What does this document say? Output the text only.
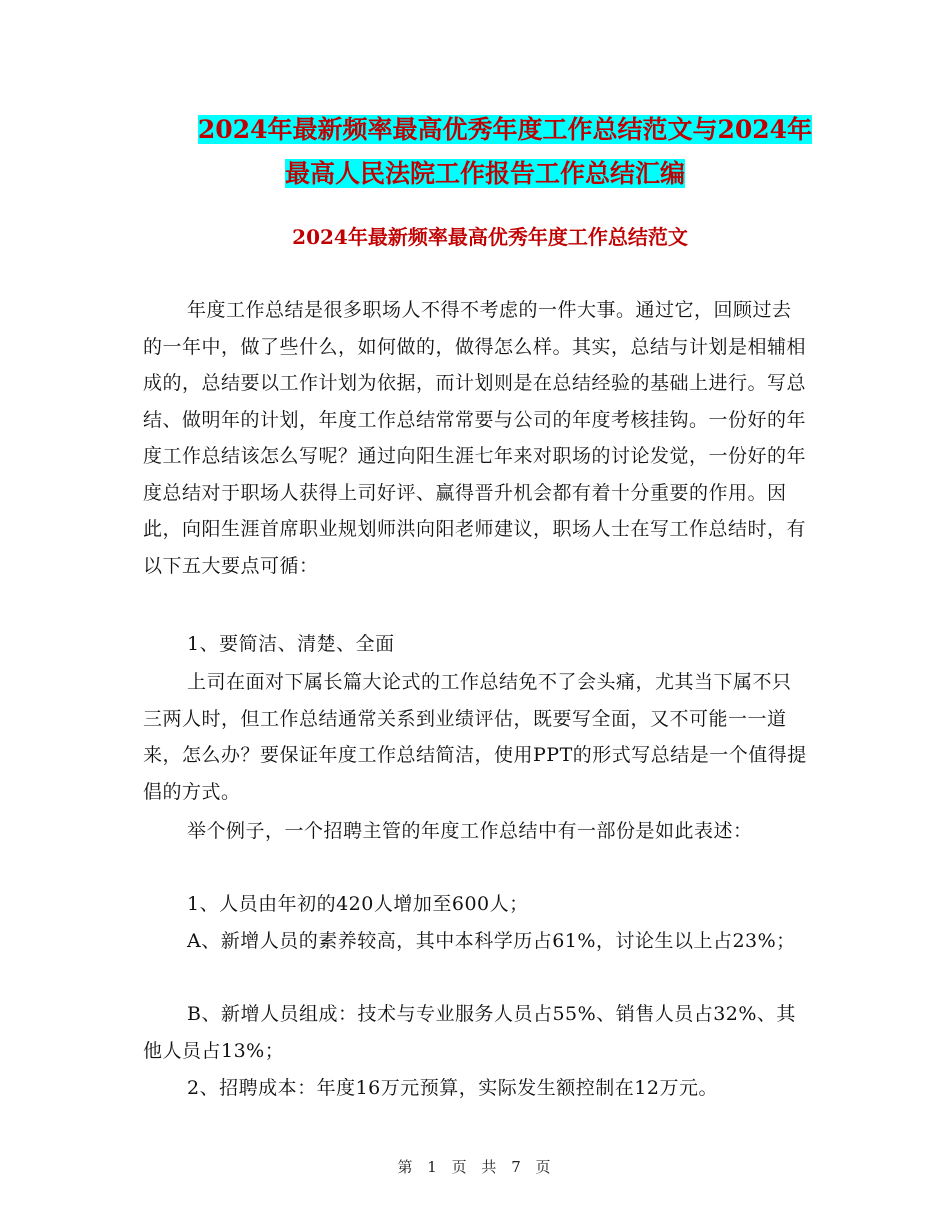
2024年最新频率最高优秀年度工作总结范文与2024年
最高人民法院工作报告工作总结汇编
2024年最新频率最高优秀年度工作总结范文

年度工作总结是很多职场人不得不考虑的一件大事。通过它，回顾过去的一年中，做了些什么，如何做的，做得怎么样。其实，总结与计划是相辅相成的，总结要以工作计划为依据，而计划则是在总结经验的基础上进行。写总结、做明年的计划，年度工作总结常常要与公司的年度考核挂钩。一份好的年度工作总结该怎么写呢？通过向阳生涯七年来对职场的讨论发觉，一份好的年度总结对于职场人获得上司好评、赢得晋升机会都有着十分重要的作用。因此，向阳生涯首席职业规划师洪向阳老师建议，职场人士在写工作总结时，有以下五大要点可循：

1、要简洁、清楚、全面

上司在面对下属长篇大论式的工作总结免不了会头痛，尤其当下属不只三两人时，但工作总结通常关系到业绩评估，既要写全面，又不可能一一道来，怎么办？要保证年度工作总结简洁，使用PPT的形式写总结是一个值得提倡的方式。

举个例子，一个招聘主管的年度工作总结中有一部份是如此表述：

1、人员由年初的420人增加至600人；

A、新增人员的素养较高，其中本科学历占61%，讨论生以上占23%；

B、新增人员组成：技术与专业服务人员占55%、销售人员占32%、其他人员占13%；

2、招聘成本：年度16万元预算，实际发生额控制在12万元。

第 1 页 共 7 页
